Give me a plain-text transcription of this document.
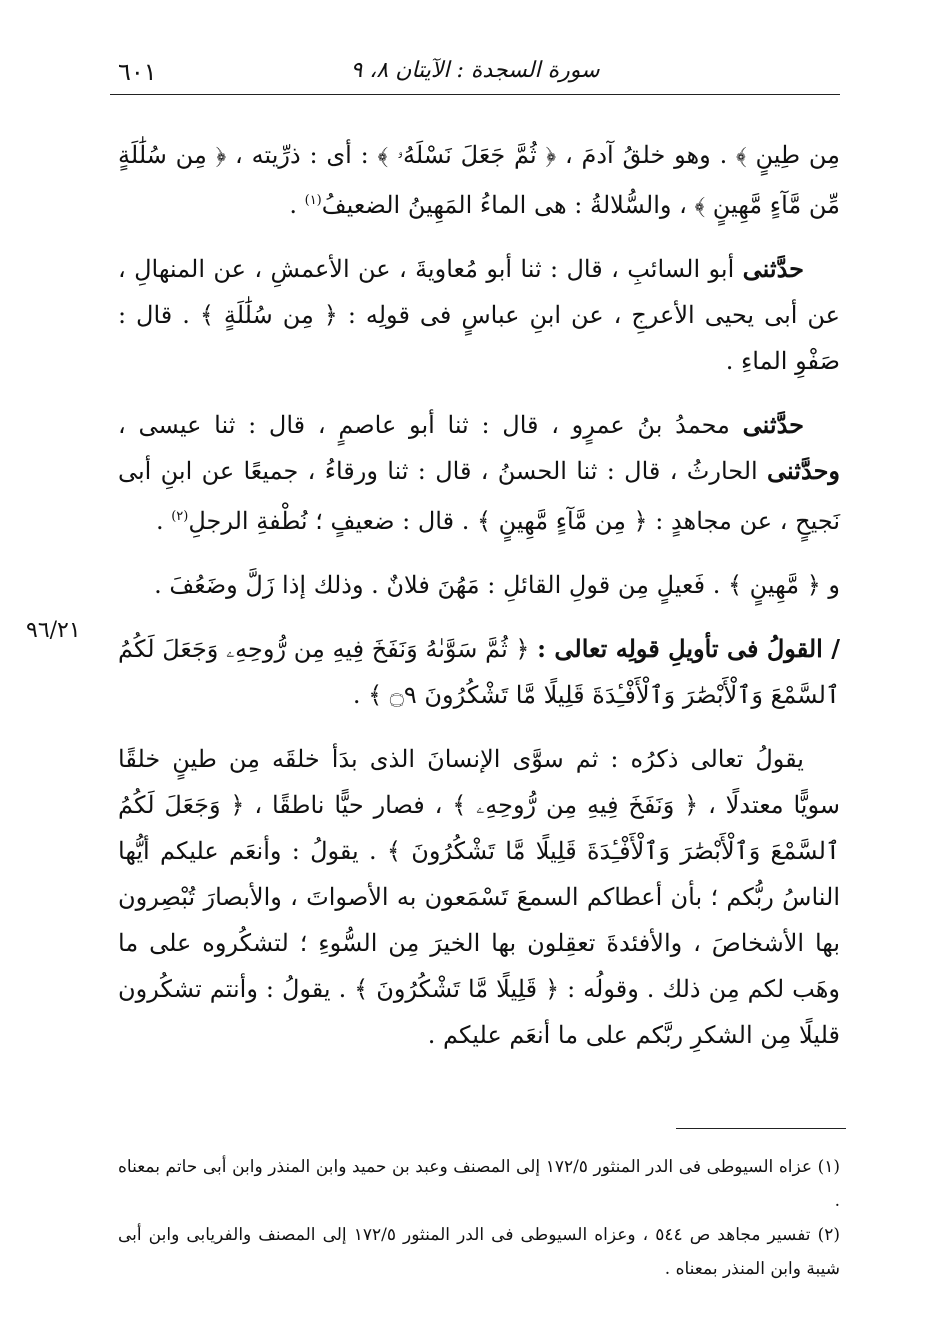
٦٠١	سورة السجدة : الآيتان ٨، ٩
٩٦/٢١

مِن طِينٍ ﴾ . وهو خلقُ آدمَ ، ﴿ ثُمَّ جَعَلَ نَسْلَهُۥ ﴾ : أى : ذرِّيته ، ﴿ مِن سُلَٰلَةٍ مِّن مَّآءٍ مَّهِينٍ ﴾ ، والسُّلالةُ : هى الماءُ المَهِينُ الضعيفُ$^{(١)}$ .

حدَّثنى أبو السائبِ ، قال : ثنا أبو مُعاويةَ ، عن الأعمشِ ، عن المنهالِ ، عن أبى يحيى الأعرجِ ، عن ابنِ عباسٍ فى قولِه : ﴿ مِن سُلَٰلَةٍ ﴾ . قال : صَفْوِ الماءِ .

حدَّثنى محمدُ بنُ عمرٍو ، قال : ثنا أبو عاصمٍ ، قال : ثنا عيسى ، وحدَّثنى الحارثُ ، قال : ثنا الحسنُ ، قال : ثنا ورقاءُ ، جميعًا عن ابنِ أبى نَجيحٍ ، عن مجاهدٍ : ﴿ مِن مَّآءٍ مَّهِينٍ ﴾ . قال : ضعيفٍ ؛ نُطْفةِ الرجلِ$^{(٢)}$ .

و ﴿ مَّهِينٍ ﴾ . فَعيلٍ مِن قولِ القائلِ : مَهُنَ فلانٌ . وذلك إذا زَلَّ وضَعُفَ .

/ القولُ فى تأويلِ قولِه تعالى : ﴿ ثُمَّ سَوَّىٰهُ وَنَفَخَ فِيهِ مِن رُّوحِهِۦ وَجَعَلَ لَكُمُ ٱلسَّمْعَ وَٱلْأَبْصَٰرَ وَٱلْأَفْـِٔدَةَ قَلِيلًا مَّا تَشْكُرُونَ ۝٩ ﴾ .

يقولُ تعالى ذكرُه : ثم سوَّى الإنسانَ الذى بدَأ خلقَه مِن طينٍ خلقًا سويًّا معتدلًا ، ﴿ وَنَفَخَ فِيهِ مِن رُّوحِهِۦ ﴾ ، فصار حيًّا ناطقًا ، ﴿ وَجَعَلَ لَكُمُ ٱلسَّمْعَ وَٱلْأَبْصَٰرَ وَٱلْأَفْـِٔدَةَ قَلِيلًا مَّا تَشْكُرُونَ ﴾ . يقولُ : وأنعَم عليكم أيُّها الناسُ ربُّكم ؛ بأن أعطاكم السمعَ تَسْمَعون به الأصواتَ ، والأبصارَ تُبْصِرون بها الأشخاصَ ، والأفئدةَ تعقِلون بها الخيرَ مِن السُّوءِ ؛ لتشكُروه على ما وهَب لكم مِن ذلك . وقولُه : ﴿ قَلِيلًا مَّا تَشْكُرُونَ ﴾ . يقولُ : وأنتم تشكُرون قليلًا مِن الشكرِ ربَّكم على ما أنعَم عليكم .

(١) عزاه السيوطى فى الدر المنثور ١٧٢/٥ إلى المصنف وعبد بن حميد وابن المنذر وابن أبى حاتم بمعناه .

(٢) تفسير مجاهد ص ٥٤٤ ، وعزاه السيوطى فى الدر المنثور ١٧٢/٥ إلى المصنف والفريابى وابن أبى شيبة وابن المنذر بمعناه .
